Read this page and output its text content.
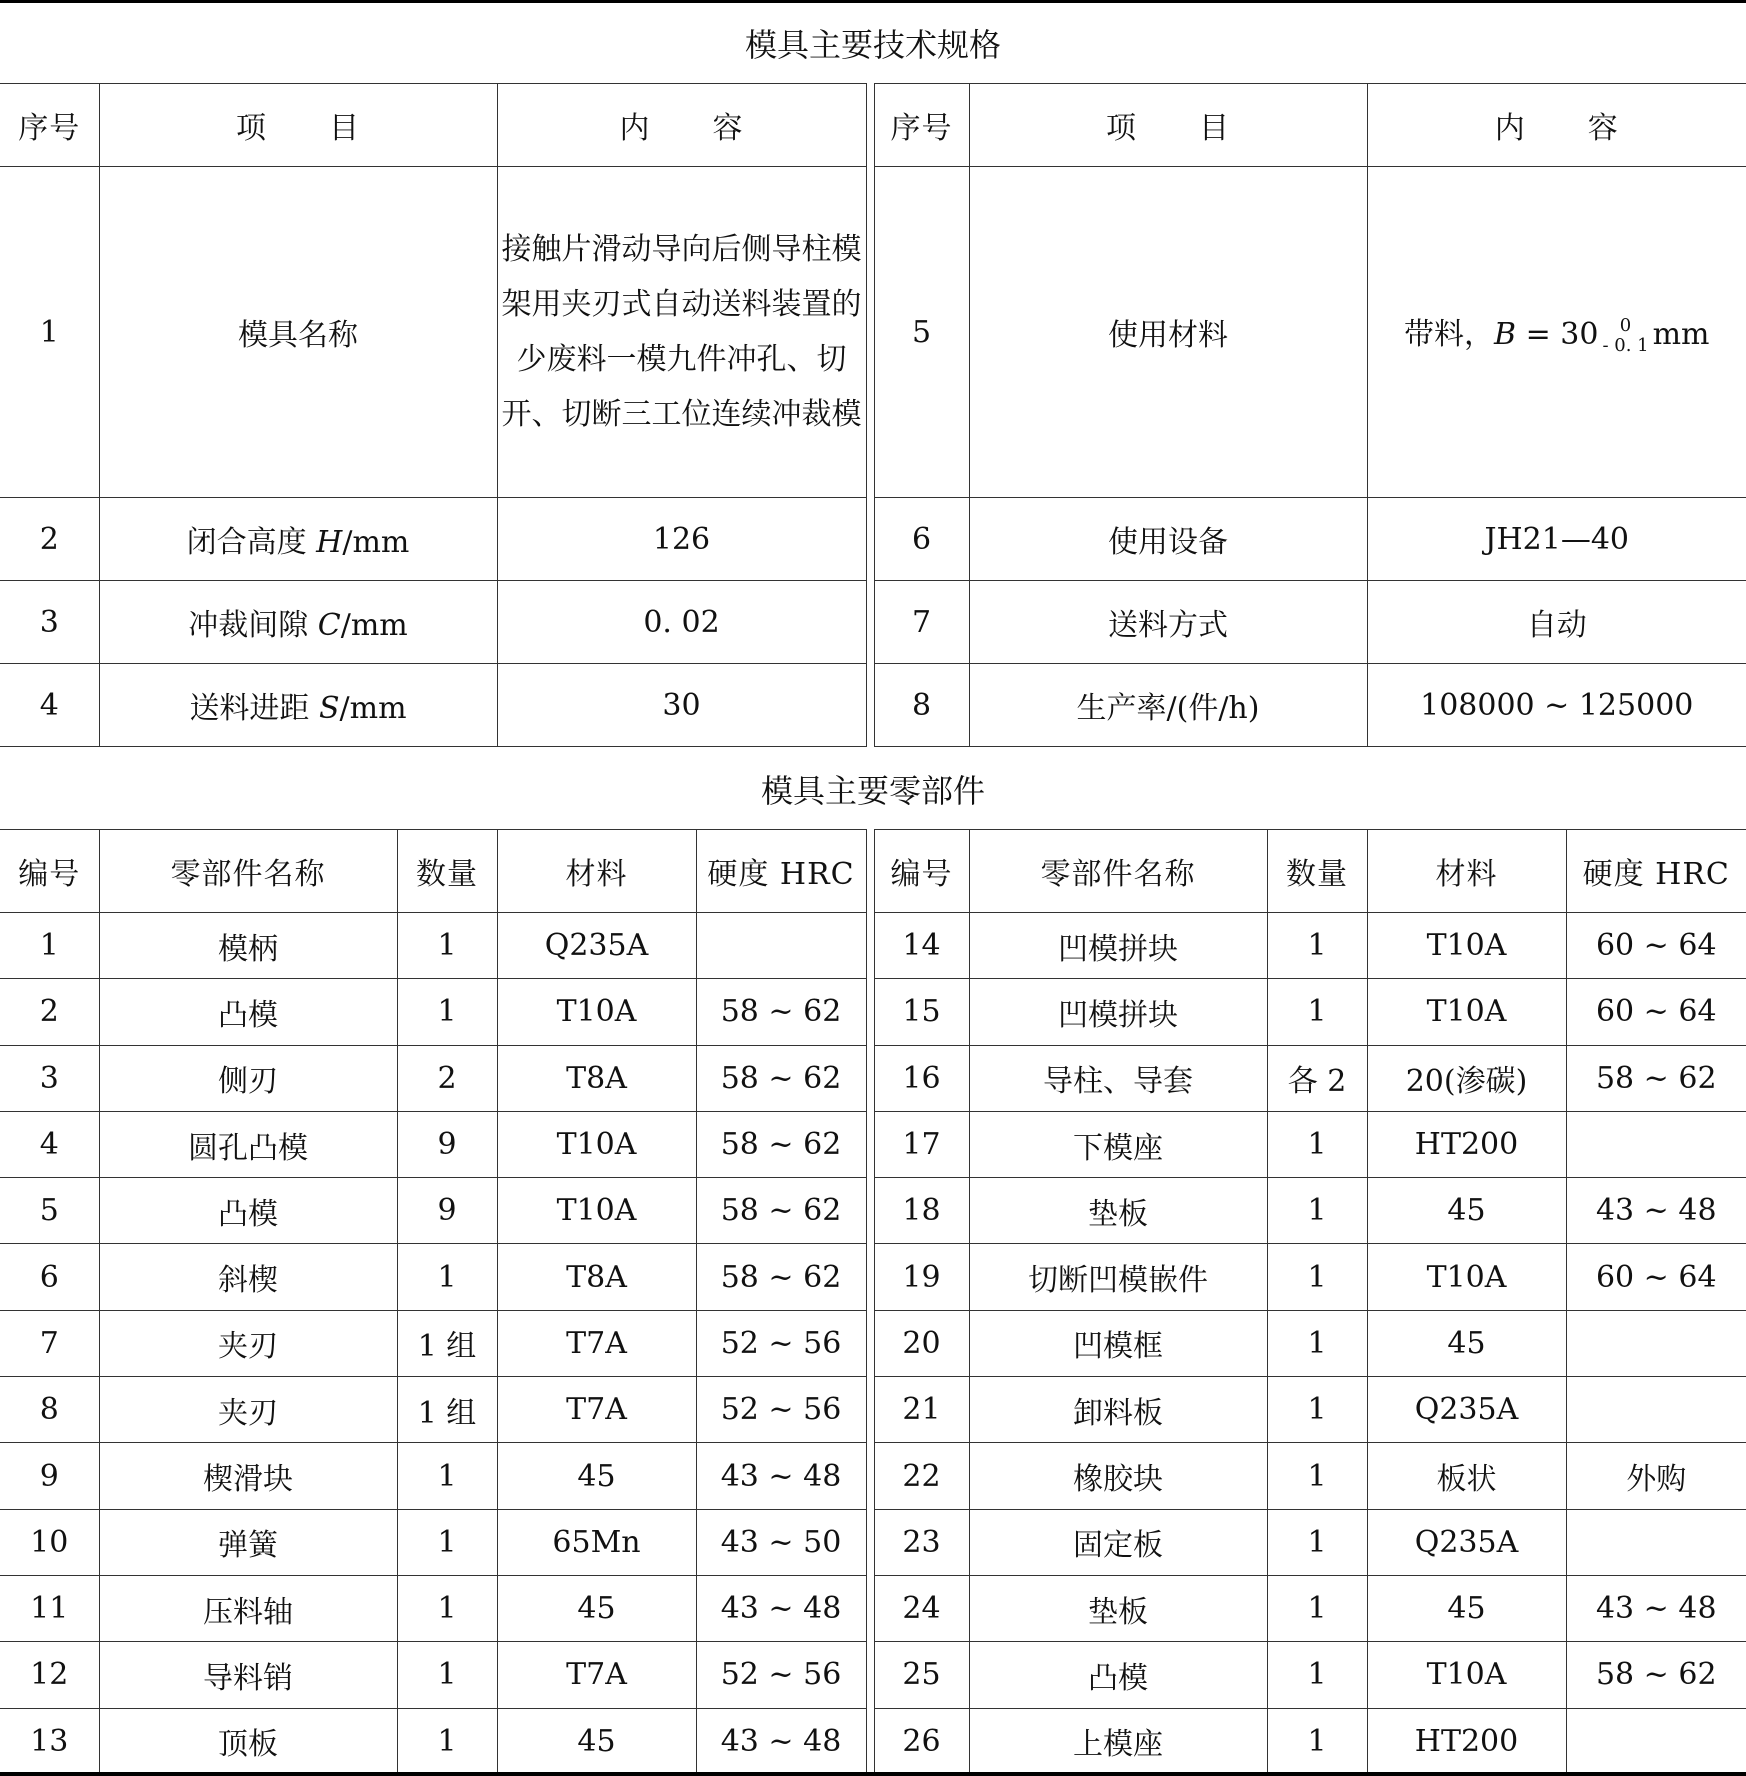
模具主要技术规格
序号	项　　目	内　　容		序号	项　　目	内　　容
1	模具名称	接触片滑动导向后侧导柱模架用夹刃式自动送料装置的少废料一模九件冲孔、切开、切断三工位连续冲裁模		5	使用材料	带料，B = 30 0
- 0. 1 mm
2	闭合高度 H/mm	126		6	使用设备	JH21—40
3	冲裁间隙 C/mm	0. 02		7	送料方式	自动
4	送料进距 S/mm	30		8	生产率/(件/h)	108000 ~ 125000
模具主要零部件
编号	零部件名称	数量	材料	硬度 HRC		编号	零部件名称	数量	材料	硬度 HRC
1	模柄	1	Q235A			14	凹模拼块	1	T10A	60 ~ 64
2	凸模	1	T10A	58 ~ 62		15	凹模拼块	1	T10A	60 ~ 64
3	侧刃	2	T8A	58 ~ 62		16	导柱、导套	各 2	20(渗碳)	58 ~ 62
4	圆孔凸模	9	T10A	58 ~ 62		17	下模座	1	HT200	
5	凸模	9	T10A	58 ~ 62		18	垫板	1	45	43 ~ 48
6	斜楔	1	T8A	58 ~ 62		19	切断凹模嵌件	1	T10A	60 ~ 64
7	夹刃	1 组	T7A	52 ~ 56		20	凹模框	1	45	
8	夹刃	1 组	T7A	52 ~ 56		21	卸料板	1	Q235A	
9	楔滑块	1	45	43 ~ 48		22	橡胶块	1	板状	外购
10	弹簧	1	65Mn	43 ~ 50		23	固定板	1	Q235A	
11	压料轴	1	45	43 ~ 48		24	垫板	1	45	43 ~ 48
12	导料销	1	T7A	52 ~ 56		25	凸模	1	T10A	58 ~ 62
13	顶板	1	45	43 ~ 48		26	上模座	1	HT200	
